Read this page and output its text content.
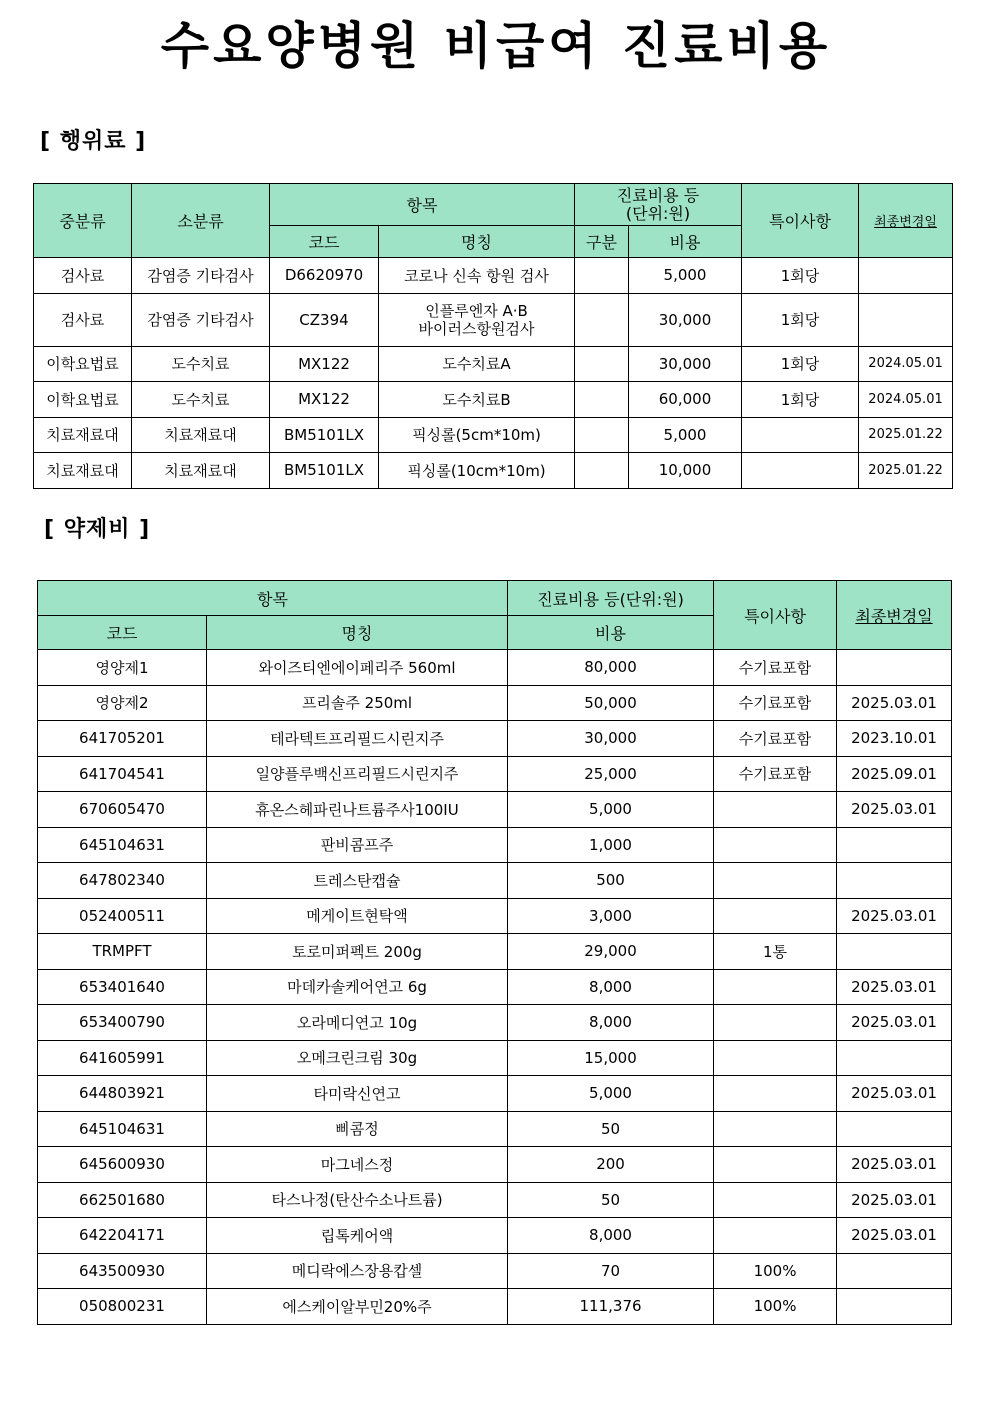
수요양병원 비급여 진료비용
[ 행위료 ]
중분류	소분류	항목		진료비용 등
(단위:원)		특이사항	최종변경일
		코드	명칭	구분	비용		
검사료	감염증 기타검사	D6620970	코로나 신속 항원 검사		5,000	1회당	
검사료	감염증 기타검사	CZ394	인플루엔자 A·B
바이러스항원검사		30,000	1회당	
이학요법료	도수치료	MX122	도수치료A		30,000	1회당	2024.05.01
이학요법료	도수치료	MX122	도수치료B		60,000	1회당	2024.05.01
치료재료대	치료재료대	BM5101LX	픽싱롤(5cm*10m)		5,000		2025.01.22
치료재료대	치료재료대	BM5101LX	픽싱롤(10cm*10m)		10,000		2025.01.22
[ 약제비 ]
항목		진료비용 등(단위:원)	특이사항	최종변경일
코드	명칭	비용		
영양제1	와이즈티엔에이페리주 560ml	80,000	수기료포함	
영양제2	프리솔주 250ml	50,000	수기료포함	2025.03.01
641705201	테라텍트프리필드시린지주	30,000	수기료포함	2023.10.01
641704541	일양플루백신프리필드시린지주	25,000	수기료포함	2025.09.01
670605470	휴온스헤파린나트륨주사100IU	5,000		2025.03.01
645104631	판비콤프주	1,000		
647802340	트레스탄캡슐	500		
052400511	메게이트현탁액	3,000		2025.03.01
TRMPFT	토로미퍼펙트 200g	29,000	1통	
653401640	마데카솔케어연고 6g	8,000		2025.03.01
653400790	오라메디연고 10g	8,000		2025.03.01
641605991	오메크린크림 30g	15,000		
644803921	타미락신연고	5,000		2025.03.01
645104631	삐콤정	50		
645600930	마그네스정	200		2025.03.01
662501680	타스나정(탄산수소나트륨)	50		2025.03.01
642204171	립톡케어액	8,000		2025.03.01
643500930	메디락에스장용캅셀	70	100%	
050800231	에스케이알부민20%주	111,376	100%	
